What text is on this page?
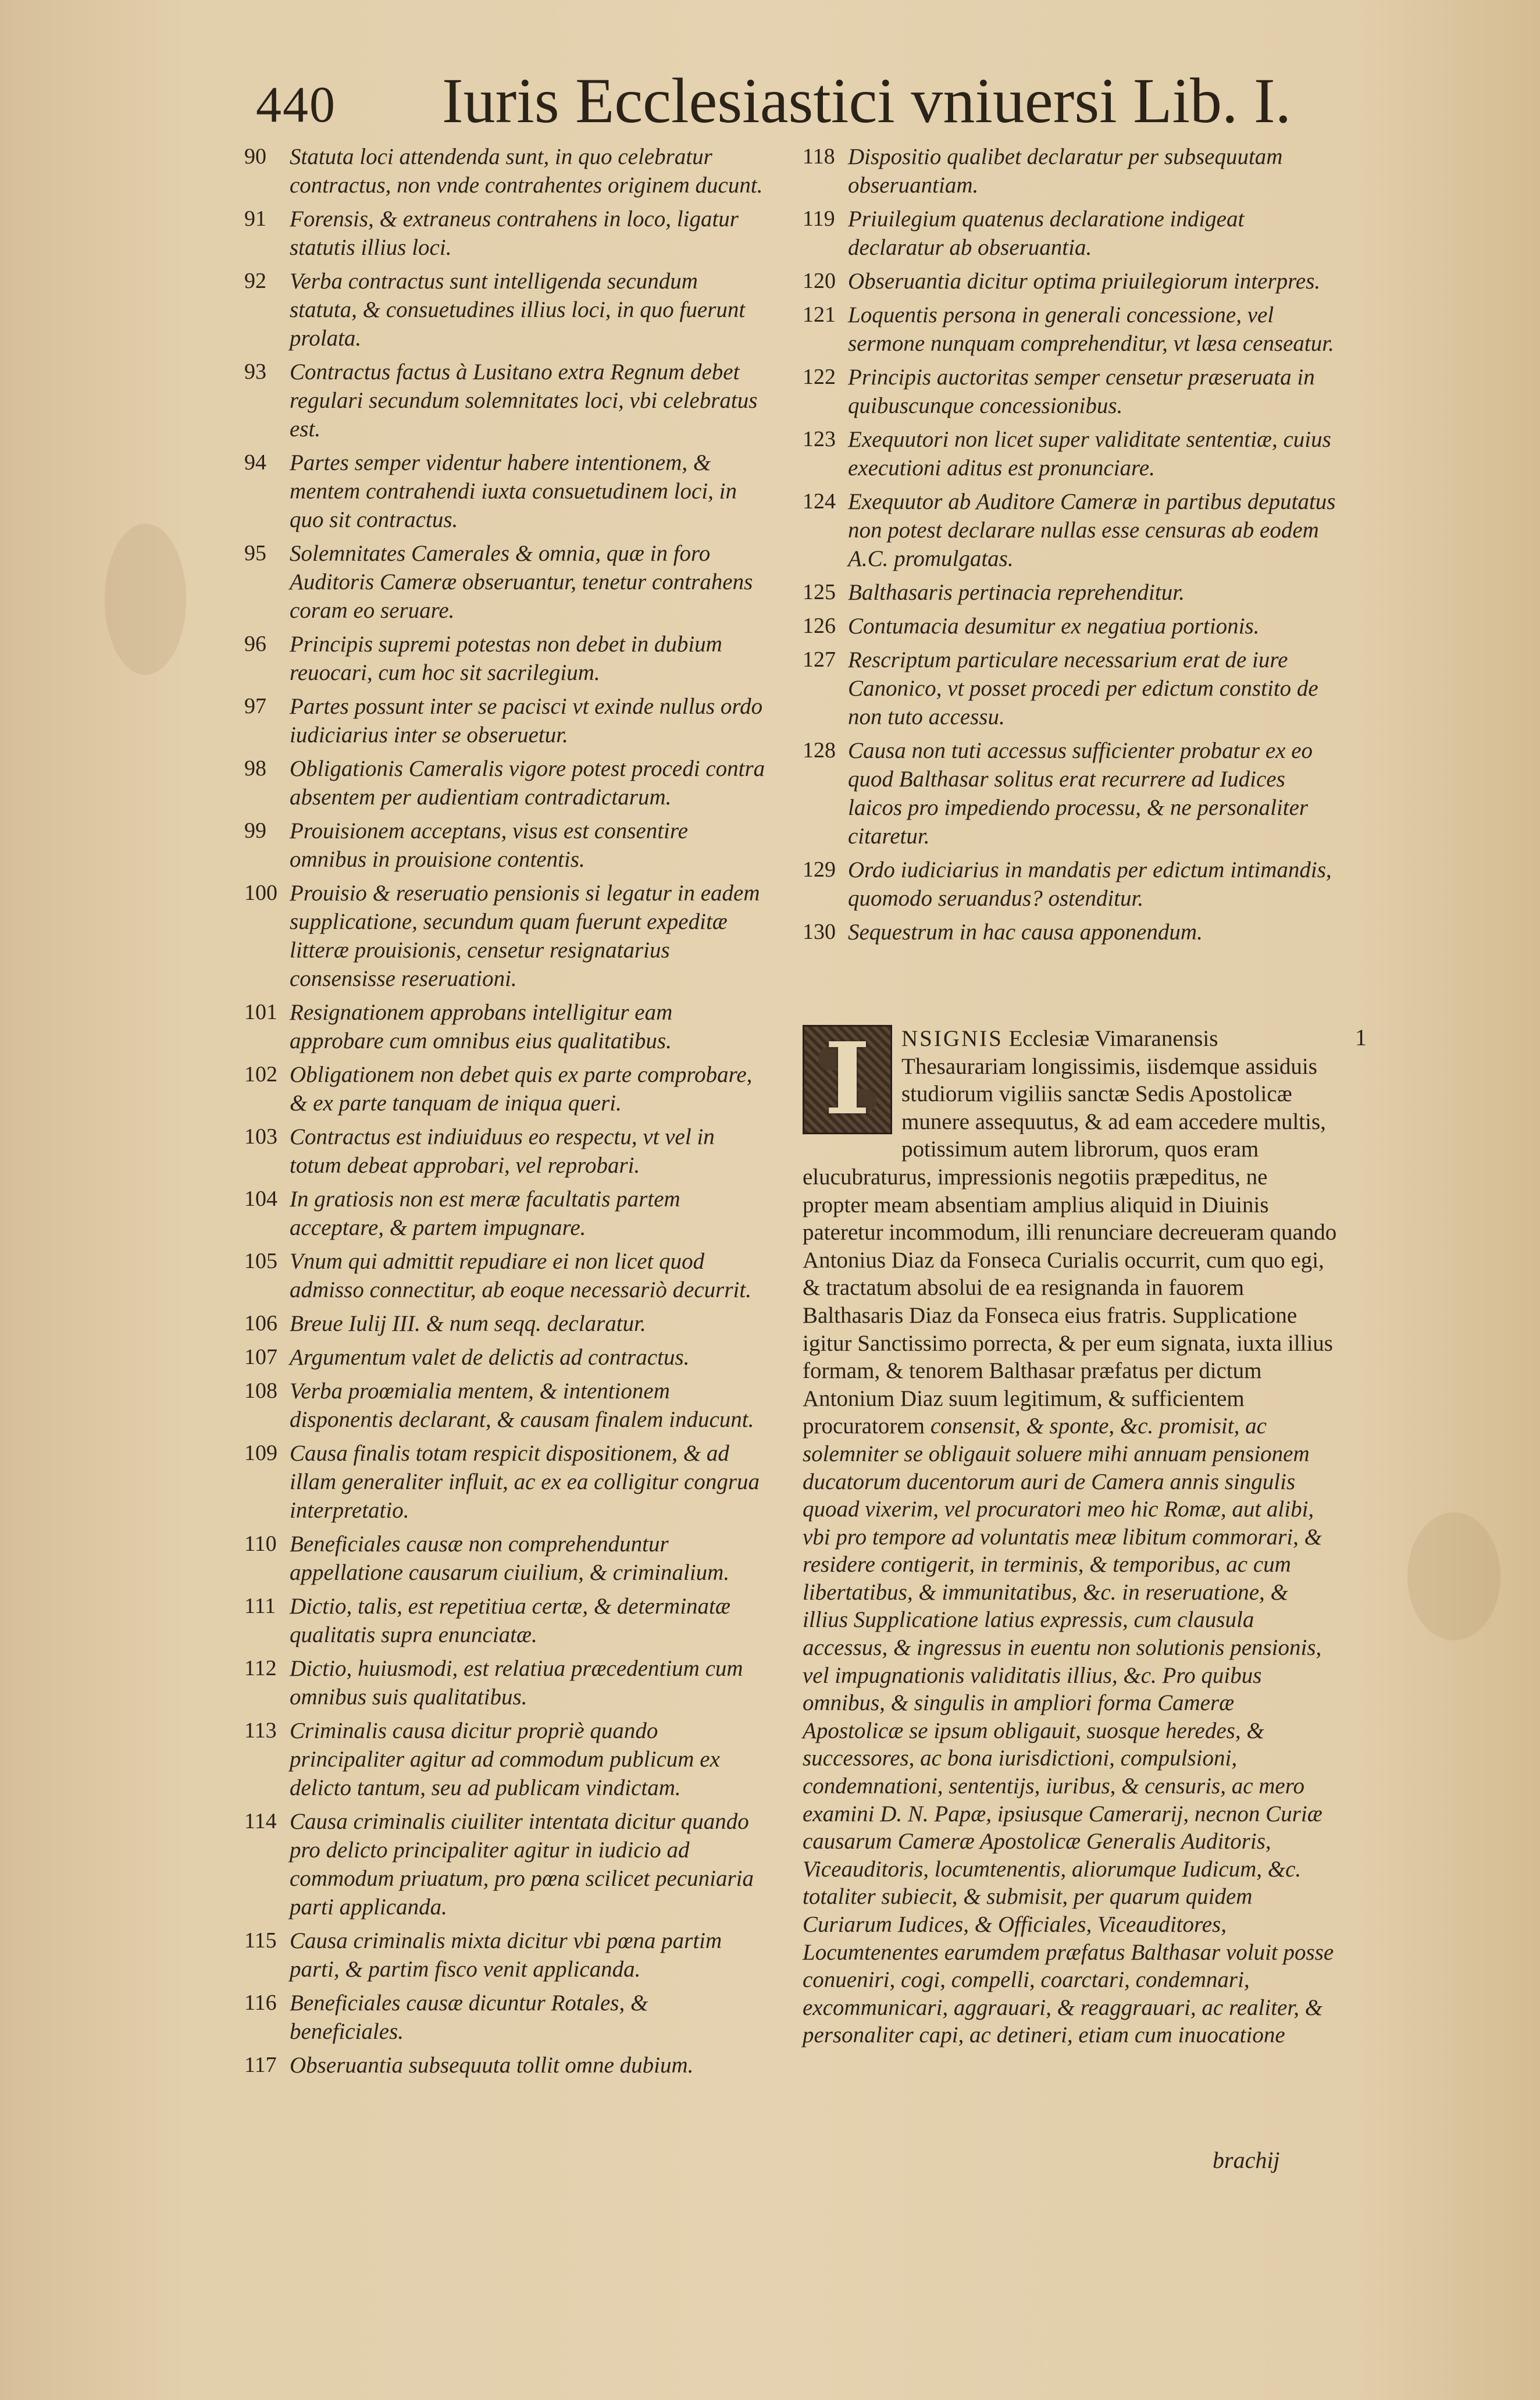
440 Iuris Ecclesiastici vniuersi Lib. I.
90	Statuta loci attendenda sunt, in quo celebratur contractus, non vnde contrahentes originem ducunt.
91	Forensis, & extraneus contrahens in loco, ligatur statutis illius loci.
92	Verba contractus sunt intelligenda secundum statuta, & consuetudines illius loci, in quo fuerunt prolata.
93	Contractus factus à Lusitano extra Regnum debet regulari secundum solemnitates loci, vbi celebratus est.
94	Partes semper videntur habere intentionem, & mentem contrahendi iuxta consuetudinem loci, in quo sit contractus.
95	Solemnitates Camerales & omnia, quæ in foro Auditoris Cameræ obseruantur, tenetur contrahens coram eo seruare.
96	Principis supremi potestas non debet in dubium reuocari, cum hoc sit sacrilegium.
97	Partes possunt inter se pacisci vt exinde nullus ordo iudiciarius inter se obseruetur.
98	Obligationis Cameralis vigore potest procedi contra absentem per audientiam contradictarum.
99	Prouisionem acceptans, visus est consentire omnibus in prouisione contentis.
100 Prouisio & reseruatio pensionis si legatur in eadem supplicatione, secundum quam fuerunt expeditæ litteræ prouisionis, censetur resignatarius consensisse reseruationi.
101 Resignationem approbans intelligitur eam approbare cum omnibus eius qualitatibus.
102 Obligationem non debet quis ex parte comprobare, & ex parte tanquam de iniqua queri.
103 Contractus est indiuiduus eo respectu, vt vel in totum debeat approbari, vel reprobari.
104 In gratiosis non est meræ facultatis partem acceptare, & partem impugnare.
105 Vnum qui admittit repudiare ei non licet quod admisso connectitur, ab eoque necessariò decurrit.
106 Breue Iulij III. & num seqq. declaratur.
107 Argumentum valet de delictis ad contractus.
108 Verba proœmialia mentem, & intentionem disponentis declarant, & causam finalem inducunt.
109 Causa finalis totam respicit dispositionem, & ad illam generaliter influit, ac ex ea colligitur congrua interpretatio.
110 Beneficiales causæ non comprehenduntur appellatione causarum ciuilium, & criminalium.
111 Dictio, talis, est repetitiua certæ, & determinatæ qualitatis supra enunciatæ.
112 Dictio, huiusmodi, est relatiua præcedentium cum omnibus suis qualitatibus.
113 Criminalis causa dicitur propriè quando principaliter agitur ad commodum publicum ex delicto tantum, seu ad publicam vindictam.
114 Causa criminalis ciuiliter intentata dicitur quando pro delicto principaliter agitur in iudicio ad commodum priuatum, pro pœna scilicet pecuniaria parti applicanda.
115 Causa criminalis mixta dicitur vbi pœna partim parti, & partim fisco venit applicanda.
116 Beneficiales causæ dicuntur Rotales, & beneficiales.
117 Obseruantia subsequuta tollit omne dubium.
118 Dispositio qualibet declaratur per subsequutam obseruantiam.
119 Priuilegium quatenus declaratione indigeat declaratur ab obseruantia.
120 Obseruantia dicitur optima priuilegiorum interpres.
121 Loquentis persona in generali concessione, vel sermone nunquam comprehenditur, vt læsa censeatur.
122 Principis auctoritas semper censetur præseruata in quibuscunque concessionibus.
123 Exequutori non licet super validitate sententiæ, cuius executioni aditus est pronunciare.
124 Exequutor ab Auditore Cameræ in partibus deputatus non potest declarare nullas esse censuras ab eodem A.C. promulgatas.
125 Balthasaris pertinacia reprehenditur.
126 Contumacia desumitur ex negatiua portionis.
127 Rescriptum particulare necessarium erat de iure Canonico, vt posset procedi per edictum constito de non tuto accessu.
128 Causa non tuti accessus sufficienter probatur ex eo quod Balthasar solitus erat recurrere ad Iudices laicos pro impediendo processu, & ne personaliter citaretur.
129 Ordo iudiciarius in mandatis per edictum intimandis, quomodo seruandus? ostenditur.
130 Sequestrum in hac causa apponendum.
1
I	NSIGNIS Ecclesiæ Vimaranensis Thesaurariam longissimis, iisdemque assiduis studiorum vigiliis sanctæ Sedis Apostolicæ munere assequutus, & ad eam accedere multis, potissimum autem librorum, quos eram elucubraturus, impressionis negotiis præpeditus, ne propter meam absentiam amplius aliquid in Diuinis pateretur incommodum, illi renunciare decreueram quando Antonius Diaz da Fonseca Curialis occurrit, cum quo egi, & tractatum absolui de ea resignanda in fauorem Balthasaris Diaz da Fonseca eius fratris. Supplicatione igitur Sanctissimo porrecta, & per eum signata, iuxta illius formam, & tenorem Balthasar præfatus per dictum Antonium Diaz suum legitimum, & sufficientem procuratorem consensit, & sponte, &c. promisit, ac solemniter se obligauit soluere mihi annuam pensionem ducatorum ducentorum auri de Camera annis singulis quoad vixerim, vel procuratori meo hic Romæ, aut alibi, vbi pro tempore ad voluntatis meæ libitum commorari, & residere contigerit, in terminis, & temporibus, ac cum libertatibus, & immunitatibus, &c. in reseruatione, & illius Supplicatione latius expressis, cum clausula accessus, & ingressus in euentu non solutionis pensionis, vel impugnationis validitatis illius, &c. Pro quibus omnibus, & singulis in ampliori forma Cameræ Apostolicæ se ipsum obligauit, suosque heredes, & successores, ac bona iurisdictioni, compulsioni, condemnationi, sententijs, iuribus, & censuris, ac mero examini D. N. Papæ, ipsiusque Camerarij, necnon Curiæ causarum Cameræ Apostolicæ Generalis Auditoris, Viceauditoris, locumtenentis, aliorumque Iudicum, &c. totaliter subiecit, & submisit, per quarum quidem Curiarum Iudices, & Officiales, Viceauditores, Locumtenentes earumdem præfatus Balthasar voluit posse conueniri, cogi, compelli, coarctari, condemnari, excommunicari, aggrauari, & reaggrauari, ac realiter, & personaliter capi, ac detineri, etiam cum inuocatione
brachij
